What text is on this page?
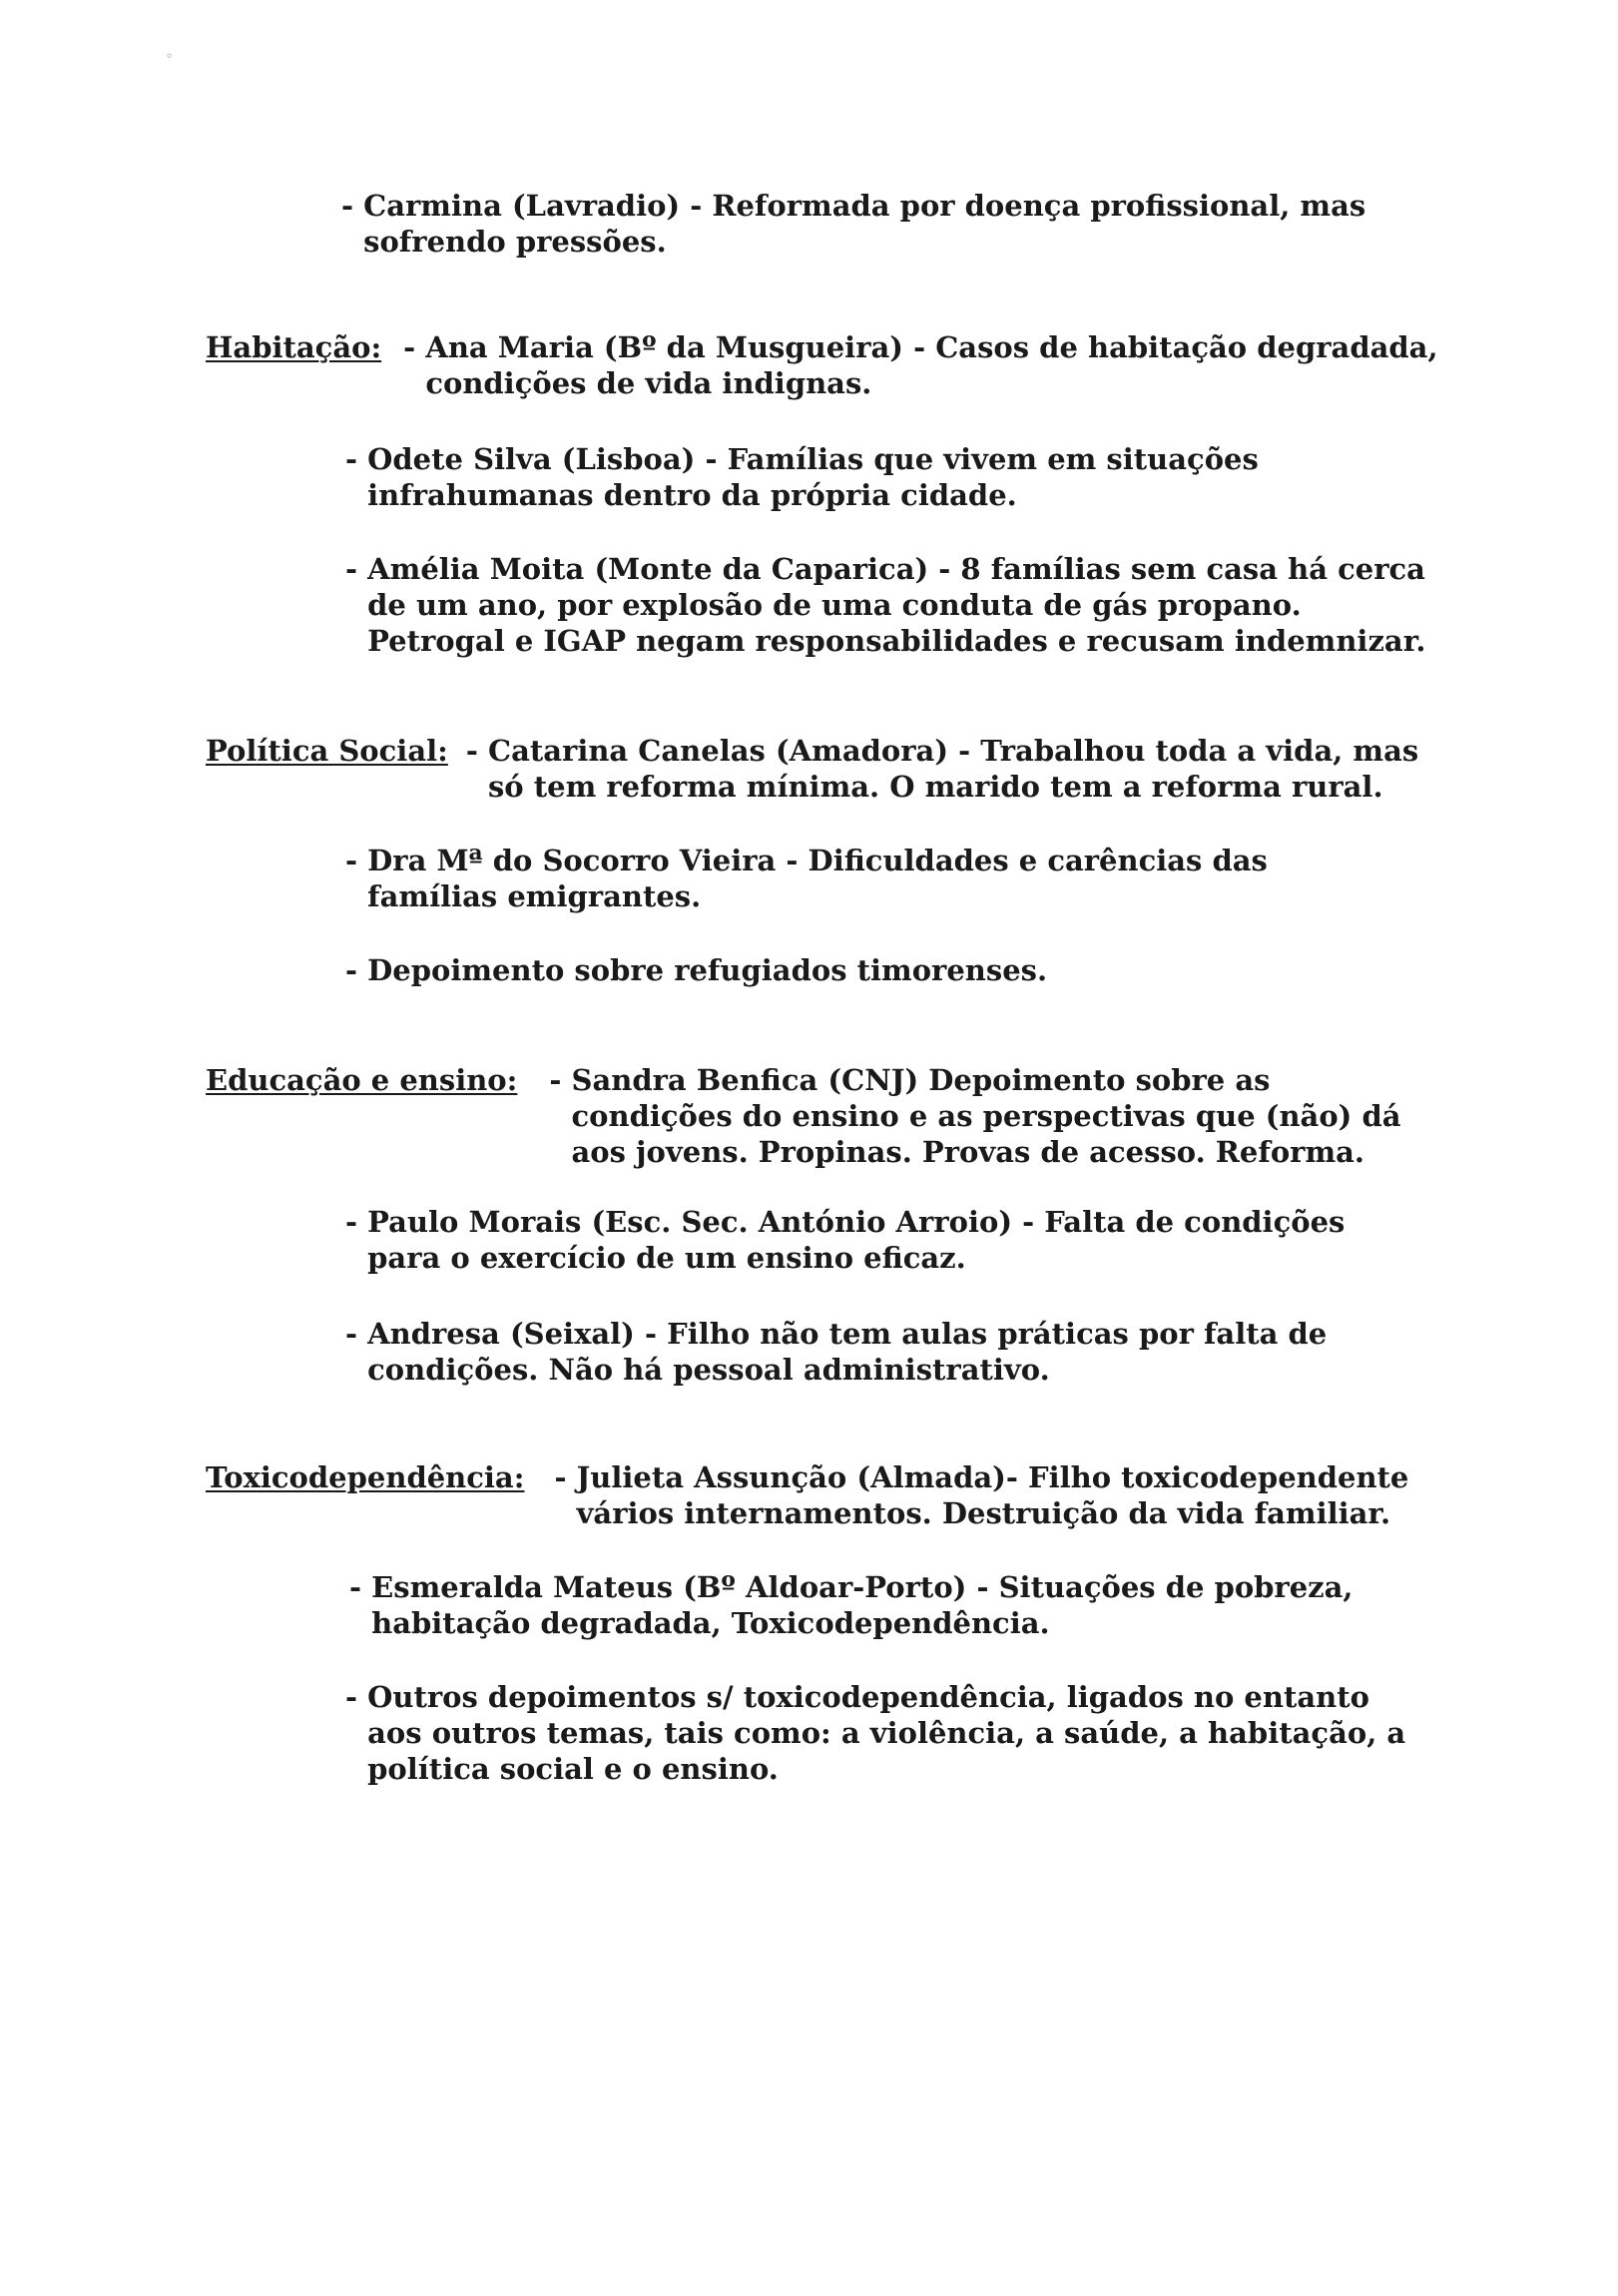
°
- Carmina (Lavradio) - Reformada por doença profissional, mas
sofrendo pressões.
Habitação: - Ana Maria (Bº da Musgueira) - Casos de habitação degradada,
condições de vida indignas.
- Odete Silva (Lisboa) - Famílias que vivem em situações
infrahumanas dentro da própria cidade.
- Amélia Moita (Monte da Caparica) - 8 famílias sem casa há cerca
de um ano, por explosão de uma conduta de gás propano.
Petrogal e IGAP negam responsabilidades e recusam indemnizar.
Política Social: - Catarina Canelas (Amadora) - Trabalhou toda a vida, mas
só tem reforma mínima. O marido tem a reforma rural.
- Dra Mª do Socorro Vieira - Dificuldades e carências das
famílias emigrantes.
- Depoimento sobre refugiados timorenses.
Educação e ensino: - Sandra Benfica (CNJ) Depoimento sobre as
condições do ensino e as perspectivas que (não) dá
aos jovens. Propinas. Provas de acesso. Reforma.
- Paulo Morais (Esc. Sec. António Arroio) - Falta de condições
para o exercício de um ensino eficaz.
- Andresa (Seixal) - Filho não tem aulas práticas por falta de
condições. Não há pessoal administrativo.
Toxicodependência: - Julieta Assunção (Almada)- Filho toxicodependente
vários internamentos. Destruição da vida familiar.
- Esmeralda Mateus (Bº Aldoar-Porto) - Situações de pobreza,
habitação degradada, Toxicodependência.
- Outros depoimentos s/ toxicodependência, ligados no entanto
aos outros temas, tais como: a violência, a saúde, a habitação, a
política social e o ensino.
